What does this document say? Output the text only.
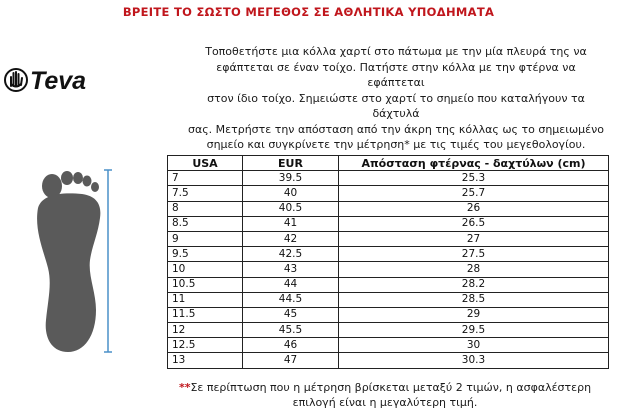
ΒΡΕΙΤΕ ΤΟ ΣΩΣΤΟ ΜΕΓΕΘΟΣ ΣΕ ΑΘΛΗΤΙΚΑ ΥΠΟΔΗΜΑΤΑ
Teva
Τοποθετήστε μια κόλλα χαρτί στο πάτωμα με την μία πλευρά της να
εφάπτεται σε έναν τοίχο. Πατήστε στην κόλλα με την φτέρνα να εφάπτεται
στον ίδιο τοίχο. Σημειώστε στο χαρτί το σημείο που καταλήγουν τα δάχτυλά
σας. Μετρήστε την απόσταση από την άκρη της κόλλας ως το σημειωμένο
σημείο και συγκρίνετε την μέτρηση* με τις τιμές του μεγεθολογίου.
USA	EUR	Απόσταση φτέρνας - δαχτύλων (cm)
7	39.5	25.3
7.5	40	25.7
8	40.5	26
8.5	41	26.5
9	42	27
9.5	42.5	27.5
10	43	28
10.5	44	28.2
11	44.5	28.5
11.5	45	29
12	45.5	29.5
12.5	46	30
13	47	30.3
**Σε περίπτωση που η μέτρηση βρίσκεται μεταξύ 2 τιμών, η ασφαλέστερη
επιλογή είναι η μεγαλύτερη τιμή.
